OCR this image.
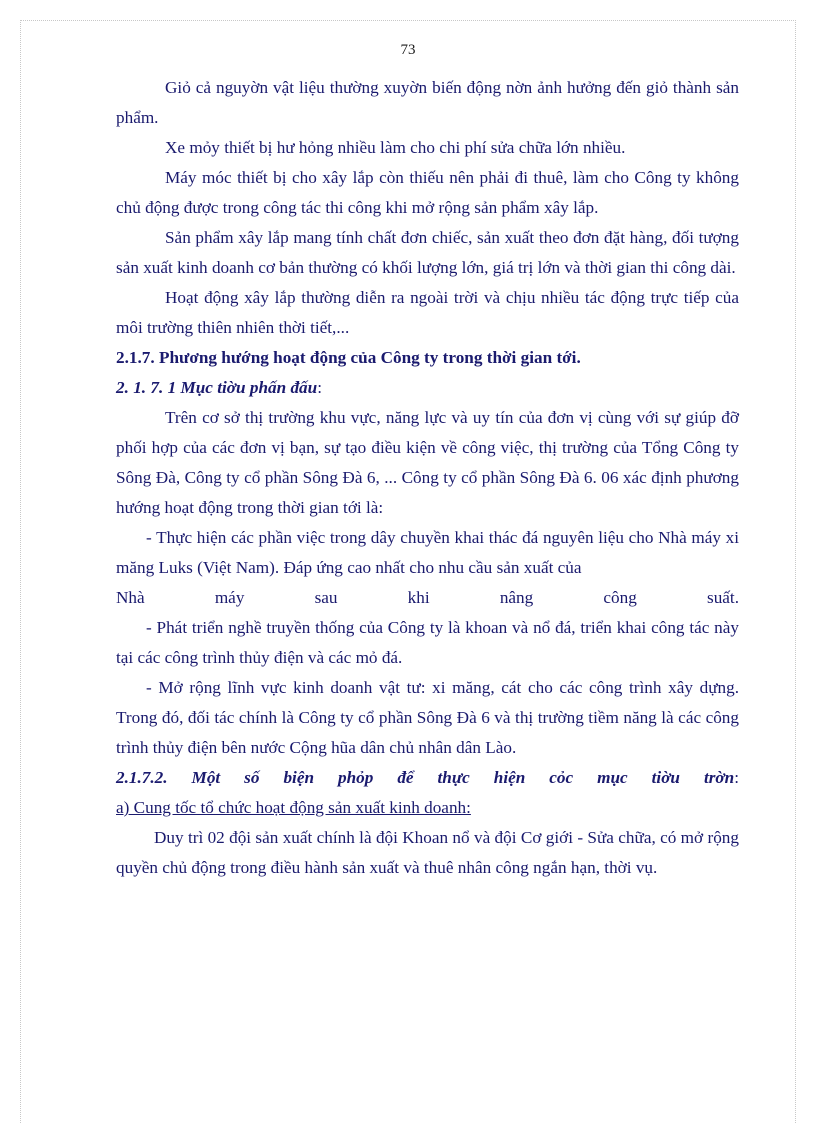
73

Giỏ cả nguyờn vật liệu thường xuyờn biến động nờn ảnh hưởng đến giỏ thành sản phẩm.

Xe mỏy thiết bị hư hỏng nhiều làm cho chi phí sửa chữa lớn nhiều.

Máy móc thiết bị cho xây lắp còn thiếu nên phải đi thuê, làm cho Công ty không chủ động được trong công tác thi công khi mở rộng sản phẩm xây lắp.

Sản phẩm xây lắp mang tính chất đơn chiếc, sản xuất theo đơn đặt hàng, đối tượng sản xuất kinh doanh cơ bản thường có khối lượng lớn, giá trị lớn và thời gian thi công dài.

Hoạt động xây lắp thường diễn ra ngoài trời và chịu nhiều tác động trực tiếp của môi trường thiên nhiên thời tiết,...

2.1.7. Phương hướng hoạt động của Công ty trong thời gian tới.

2. 1. 7. 1 Mục tiờu phấn đấu:

Trên cơ sở thị trường khu vực, năng lực và uy tín của đơn vị cùng với sự giúp đỡ phối hợp của các đơn vị bạn, sự tạo điều kiện về công việc, thị trường của Tổng Công ty Sông Đà, Công ty cổ phần Sông Đà 6, ... Công ty cổ phần Sông Đà 6. 06 xác định phương hướng hoạt động trong thời gian tới là:

- Thực hiện các phần việc trong dây chuyền khai thác đá nguyên liệu cho Nhà máy xi măng Luks (Việt Nam). Đáp ứng cao nhất cho nhu cầu sản xuất của

Nhà máy sau khi nâng công suất.

- Phát triển nghề truyền thống của Công ty là khoan và nổ đá, triển khai công tác này tại các công trình thủy điện và các mỏ đá.

- Mở rộng lĩnh vực kinh doanh vật tư: xi măng, cát cho các công trình xây dựng. Trong đó, đối tác chính là Công ty cổ phần Sông Đà 6 và thị trường tiềm năng là các công trình thủy điện bên nước Cộng hũa dân chủ nhân dân Lào.

2.1.7.2. Một số biện phỏp để thực hiện cỏc mục tiờu trờn:

a) Cung tốc tổ chức hoạt động sản xuất kinh doanh:

Duy trì 02 đội sản xuất chính là đội Khoan nổ và đội Cơ giới - Sửa chữa, có mở rộng quyền chủ động trong điều hành sản xuất và thuê nhân công ngắn hạn, thời vụ.
